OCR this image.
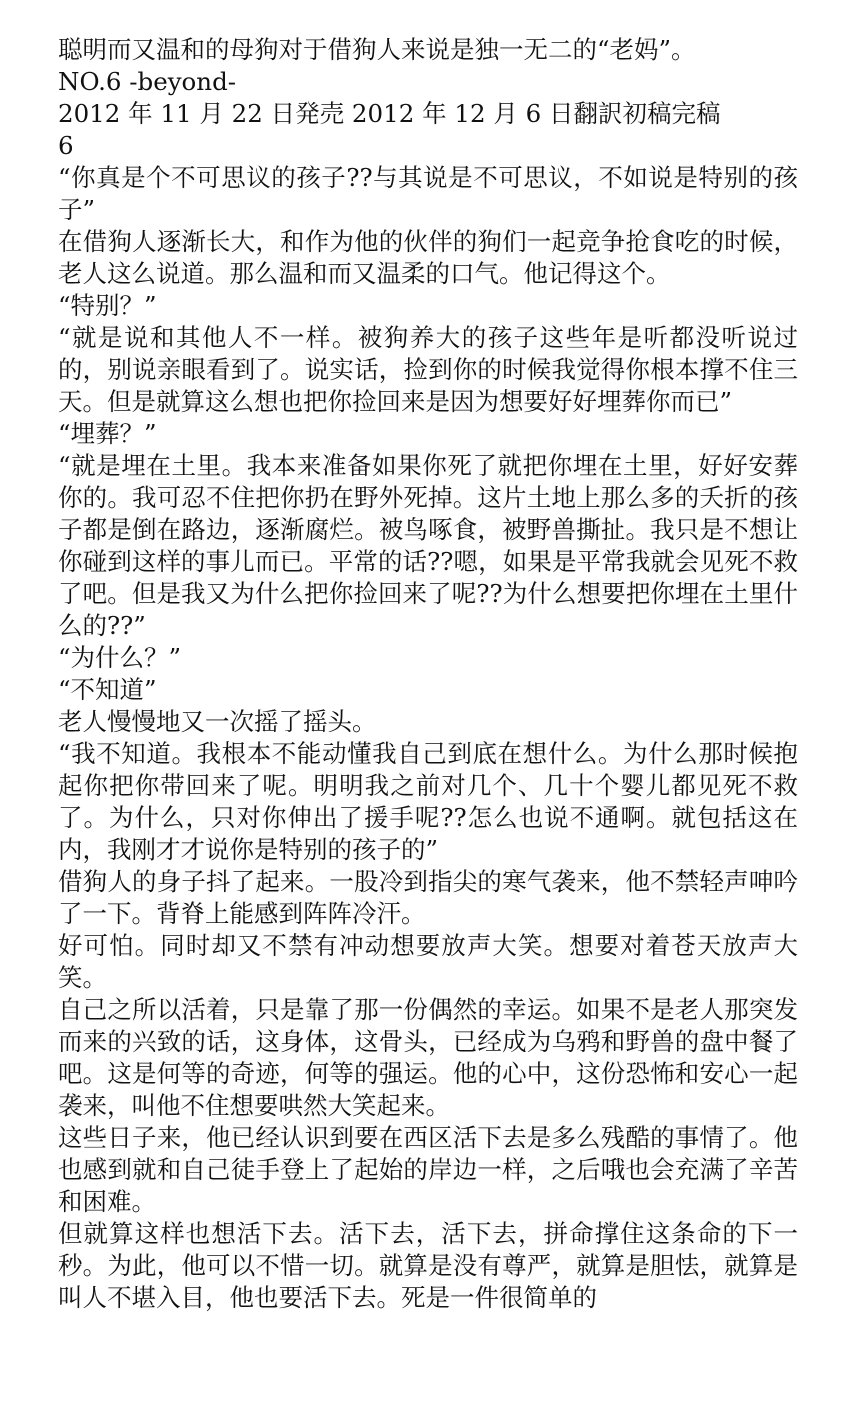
聪明而又温和的母狗对于借狗人来说是独一无二的“老妈”。

NO.6 -beyond-

2012 年 11 月 22 日発売 2012 年 12 月 6 日翻訳初稿完稿

6

“你真是个不可思议的孩子??与其说是不可思议，不如说是特别的孩子”

在借狗人逐渐长大，和作为他的伙伴的狗们一起竞争抢食吃的时候，老人这么说道。那么温和而又温柔的口气。他记得这个。

“特别？”

“就是说和其他人不一样。被狗养大的孩子这些年是听都没听说过的，别说亲眼看到了。说实话，捡到你的时候我觉得你根本撑不住三天。但是就算这么想也把你捡回来是因为想要好好埋葬你而已”

“埋葬？”

“就是埋在土里。我本来准备如果你死了就把你埋在土里，好好安葬你的。我可忍不住把你扔在野外死掉。这片土地上那么多的夭折的孩子都是倒在路边，逐渐腐烂。被鸟啄食，被野兽撕扯。我只是不想让你碰到这样的事儿而已。平常的话??嗯，如果是平常我就会见死不救了吧。但是我又为什么把你捡回来了呢??为什么想要把你埋在土里什么的??”

“为什么？”

“不知道”

老人慢慢地又一次摇了摇头。

“我不知道。我根本不能动懂我自己到底在想什么。为什么那时候抱起你把你带回来了呢。明明我之前对几个、几十个婴儿都见死不救了。为什么，只对你伸出了援手呢??怎么也说不通啊。就包括这在内，我刚才才说你是特别的孩子的”

借狗人的身子抖了起来。一股冷到指尖的寒气袭来，他不禁轻声呻吟了一下。背脊上能感到阵阵冷汗。

好可怕。同时却又不禁有冲动想要放声大笑。想要对着苍天放声大笑。

自己之所以活着，只是靠了那一份偶然的幸运。如果不是老人那突发而来的兴致的话，这身体，这骨头，已经成为乌鸦和野兽的盘中餐了吧。这是何等的奇迹，何等的强运。他的心中，这份恐怖和安心一起袭来，叫他不住想要哄然大笑起来。

这些日子来，他已经认识到要在西区活下去是多么残酷的事情了。他也感到就和自己徒手登上了起始的岸边一样，之后哦也会充满了辛苦和困难。

但就算这样也想活下去。活下去，活下去，拼命撑住这条命的下一秒。为此，他可以不惜一切。就算是没有尊严，就算是胆怯，就算是叫人不堪入目，他也要活下去。死是一件很简单的
